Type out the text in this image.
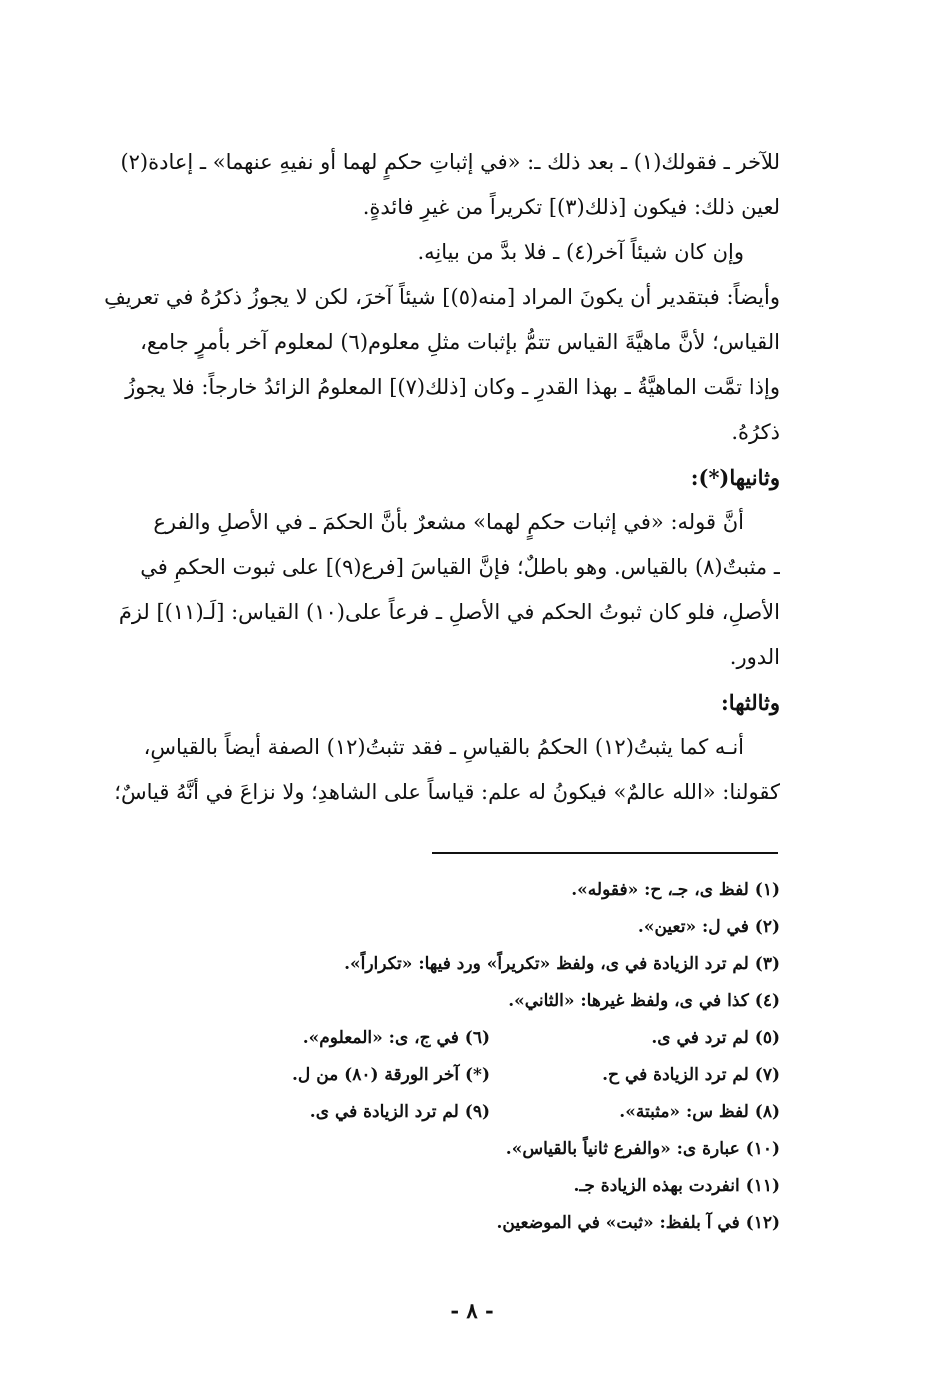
للآخر ـ فقولك(١) ـ بعد ذلك ـ: «في إثباتِ حكمٍ لهما أو نفيهِ عنهما» ـ إعادة(٢)
لعين ذلك: فيكون [ذلك(٣)] تكريراً من غيرِ فائدةٍ.
وإن كان شيئاً آخر(٤) ـ فلا بدَّ من بيانِه.
وأيضاً: فبتقدير أن يكونَ المراد [منه(٥)] شيئاً آخرَ، لكن لا يجوزُ ذكرُهُ في تعريفِ
القياس؛ لأنَّ ماهيَّةَ القياس تتمُّ بإثبات مثلِ معلوم(٦) لمعلوم آخر بأمرٍ جامع،
وإذا تمَّت الماهيَّةُ ـ بهذا القدرِ ـ وكان [ذلك(٧)] المعلومُ الزائدُ خارجاً: فلا يجوزُ
ذكرُهُ.
وثانيها(*):
أنَّ قوله: «في إثبات حكمٍ لهما» مشعرٌ بأنَّ الحكمَ ـ في الأصلِ والفرع
ـ مثبتٌ(٨) بالقياس. وهو باطلٌ؛ فإنَّ القياسَ [فرع(٩)] على ثبوت الحكمِ في
الأصلِ، فلو كان ثبوتُ الحكم في الأصلِ ـ فرعاً على(١٠) القياس: [لَـ(١١)] لزمَ
الدور.
وثالثها:
أنـه كما يثبتُ(١٢) الحكمُ بالقياسِ ـ فقد تثبتُ(١٢) الصفة أيضاً بالقياسِ،
كقولنا: «الله عالمٌ» فيكونُ له علم: قياساً على الشاهدِ؛ ولا نزاعَ في أنَّهُ قياسٌ؛
(١) لفظ ى، جـ، ح: «فقوله».
(٢) في ل: «تعين».
(٣) لم ترد الزيادة في ى، ولفظ «تكريراً» ورد فيها: «تكراراً».
(٤) كذا في ى، ولفظ غيرها: «الثاني».
(٥) لم ترد في ى.
(٦) في ج، ى: «المعلوم».
(٧) لم ترد الزيادة في ح.
(*) آخر الورقة (٨٠) من ل.
(٨) لفظ س: «مثبتة».
(٩) لم ترد الزيادة في ى.
(١٠) عبارة ى: «والفرع ثانياً بالقياس».
(١١) انفردت بهذه الزيادة جـ.
(١٢) في آ بلفظ: «ثبت» في الموضعين.
- ٨ -
